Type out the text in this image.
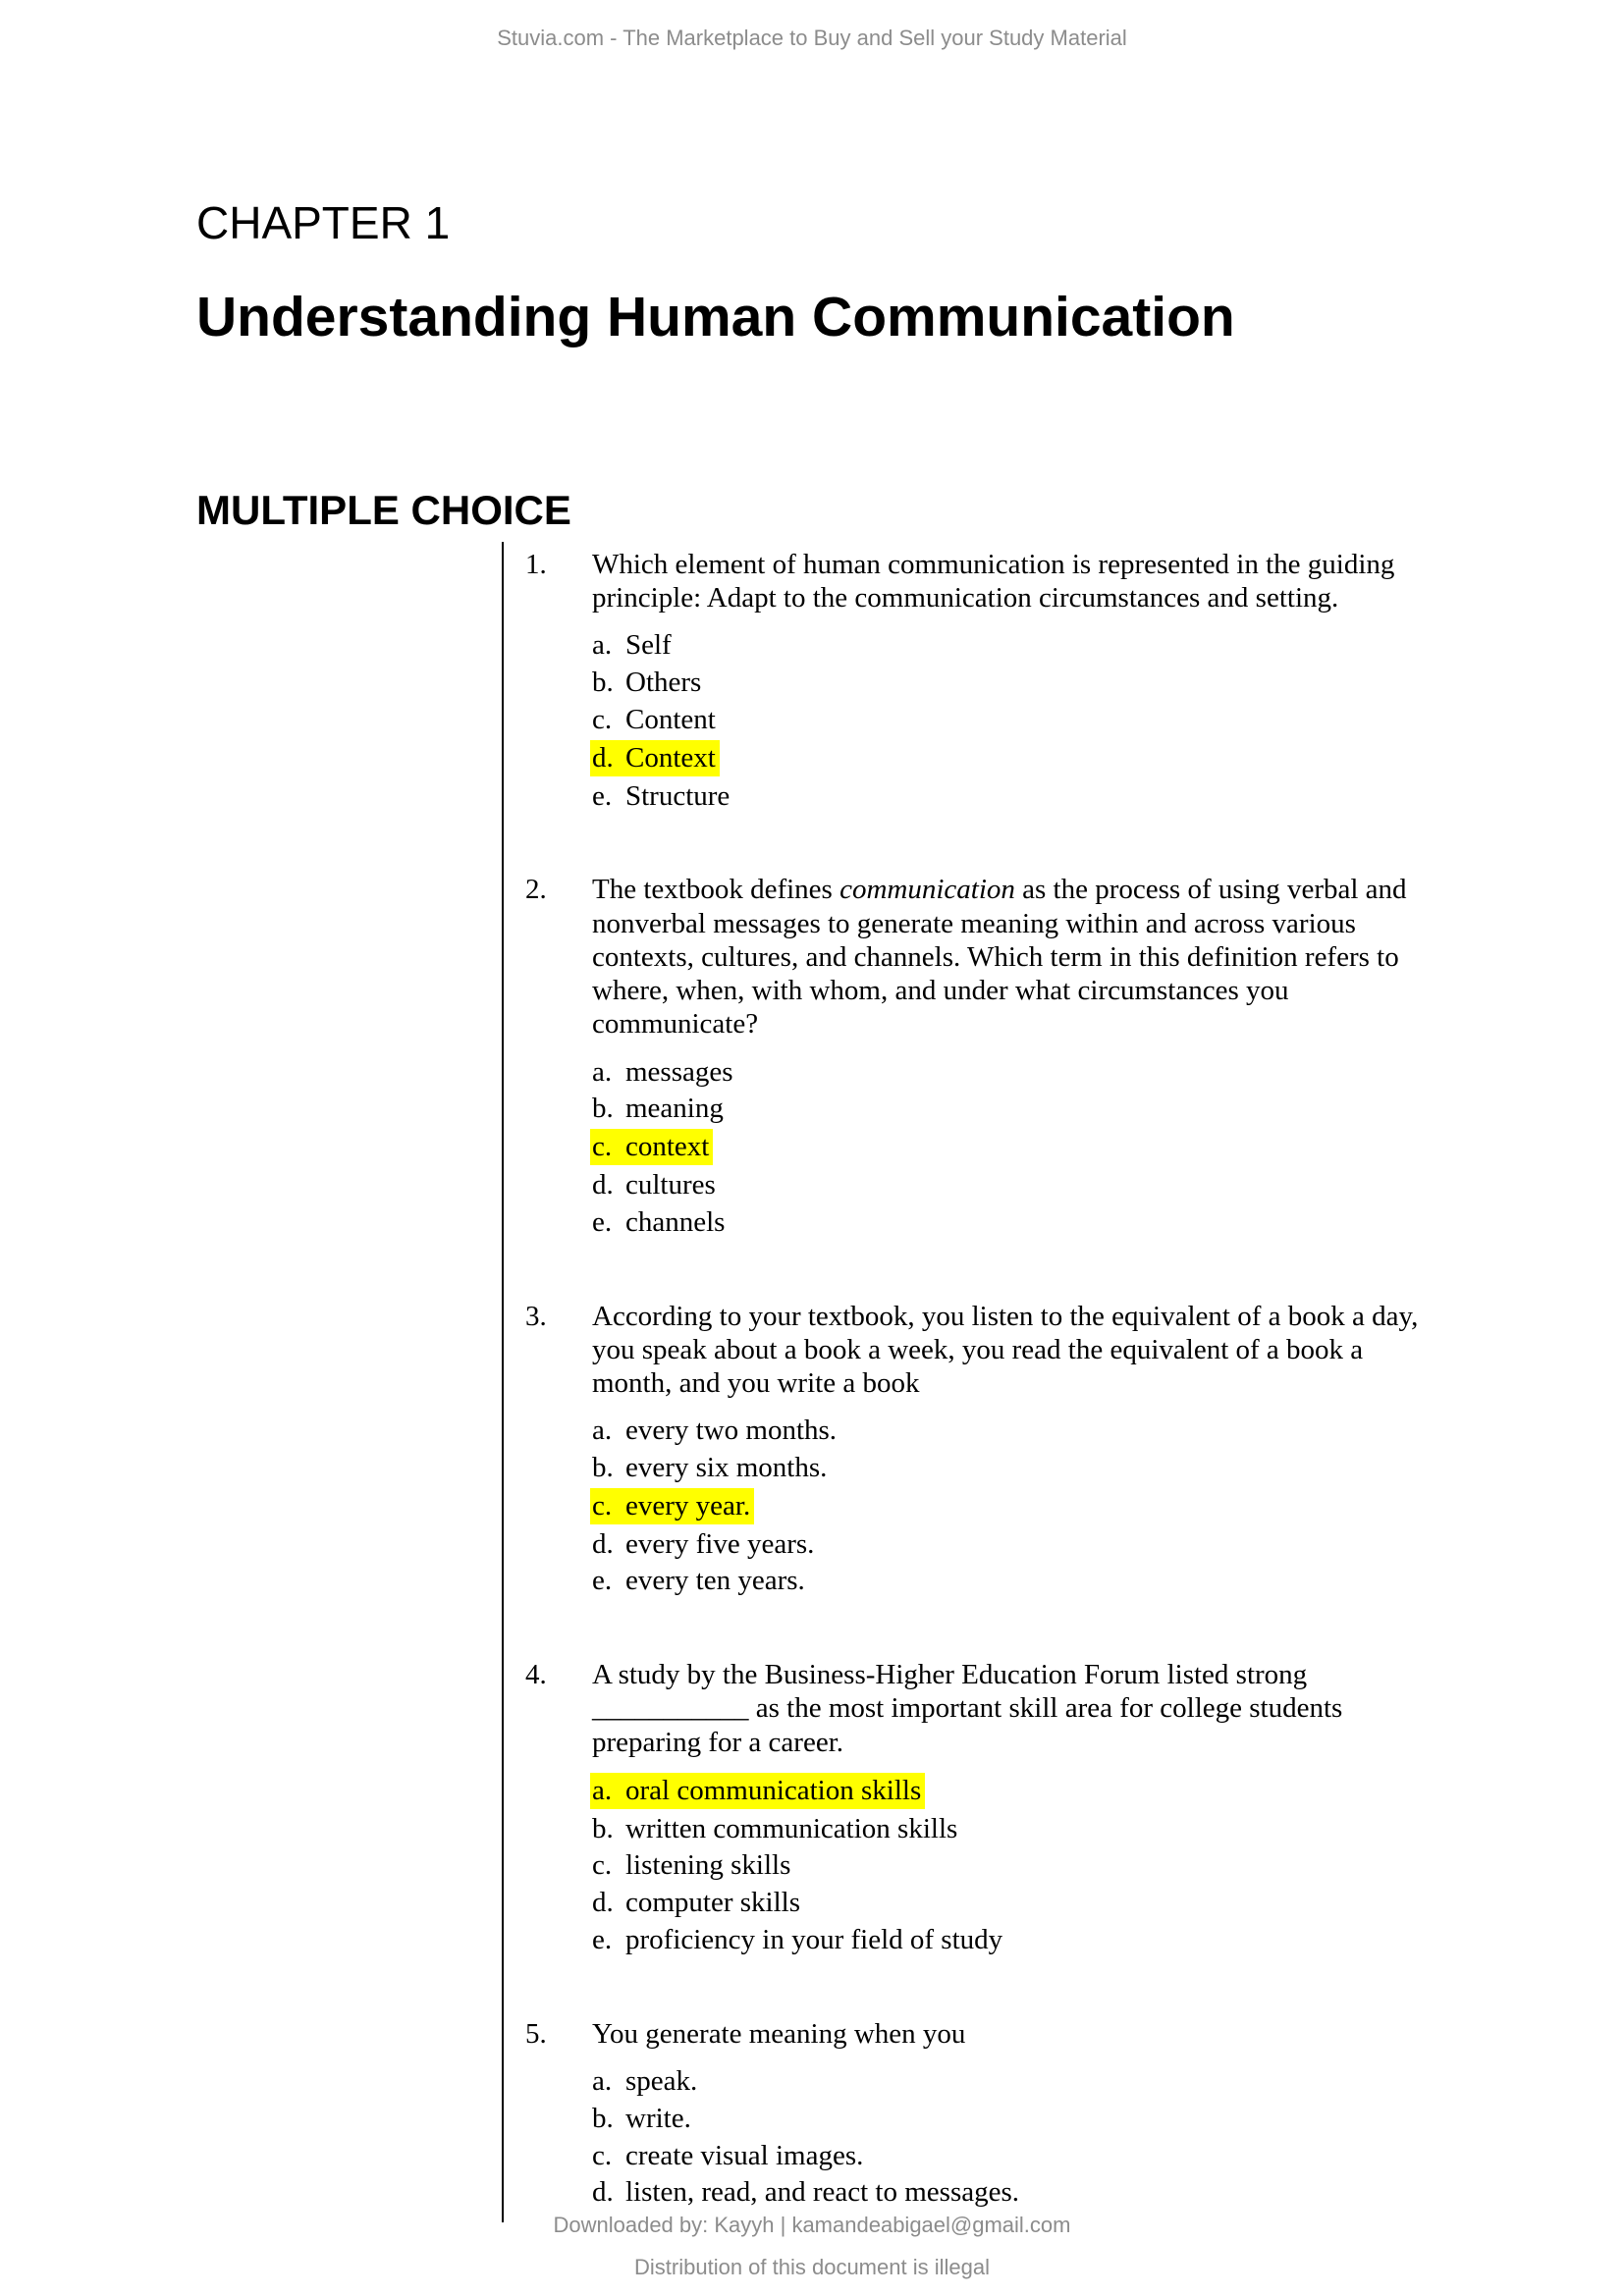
Stuvia.com - The Marketplace to Buy and Sell your Study Material
CHAPTER 1
Understanding Human Communication
MULTIPLE CHOICE
1.	Which element of human communication is represented in the guiding principle: Adapt to the communication circumstances and setting.
a. Self
b. Others
c. Content
d. Context
e. Structure
2.	The textbook defines communication as the process of using verbal and nonverbal messages to generate meaning within and across various contexts, cultures, and channels. Which term in this definition refers to where, when, with whom, and under what circumstances you communicate?
a. messages
b. meaning
c. context
d. cultures
e. channels
3.	According to your textbook, you listen to the equivalent of a book a day, you speak about a book a week, you read the equivalent of a book a month, and you write a book
a. every two months.
b. every six months.
c. every year.
d. every five years.
e. every ten years.
4.	A study by the Business-Higher Education Forum listed strong ___________ as the most important skill area for college students preparing for a career.
a. oral communication skills
b. written communication skills
c. listening skills
d. computer skills
e. proficiency in your field of study
5.	You generate meaning when you
a. speak.
b. write.
c. create visual images.
d. listen, read, and react to messages.
Downloaded by: Kayyh | kamandeabigael@gmail.com
Distribution of this document is illegal
